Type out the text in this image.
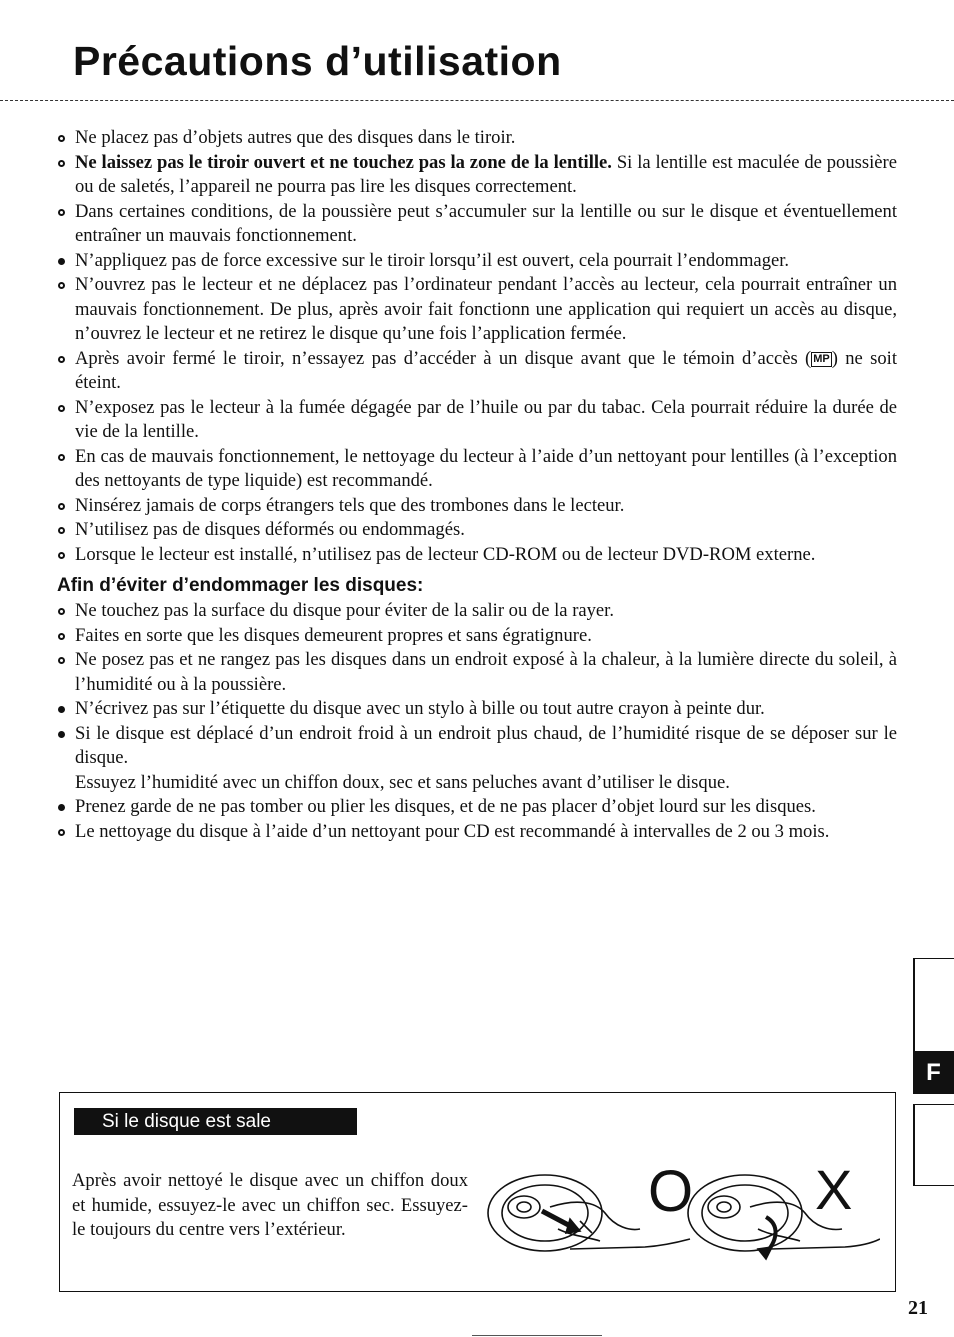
Précautions d’utilisation
Ne placez pas d’objets autres que des disques dans le tiroir.
Ne laissez pas le tiroir ouvert et ne touchez pas la zone de la lentille. Si la lentille est maculée de poussière ou de saletés, l’appareil ne pourra pas lire les disques correctement.
Dans certaines conditions, de la poussière peut s’accumuler sur la lentille ou sur le disque et éventuellement entraîner un mauvais fonctionnement.
N’appliquez pas de force excessive sur le tiroir lorsqu’il est ouvert, cela pourrait l’endommager.
N’ouvrez pas le lecteur et ne déplacez pas l’ordinateur pendant l’accès au lecteur, cela pourrait entraîner un mauvais fonctionnement. De plus, après avoir fait fonctionn une application qui requiert un accès au disque, n’ouvrez le lecteur et ne retirez le disque qu’une fois l’application fermée.
Après avoir fermé le tiroir, n’essayez pas d’accéder à un disque avant que le témoin d’accès ( MP ) ne soit éteint.
N’exposez pas le lecteur à la fumée dégagée par de l’huile ou par du tabac. Cela pourrait réduire la durée de vie de la lentille.
En cas de mauvais fonctionnement, le nettoyage du lecteur à l’aide d’un nettoyant pour lentilles (à l’exception des nettoyants de type liquide) est recommandé.
Ninsérez jamais de corps étrangers tels que des trombones dans le lecteur.
N’utilisez pas de disques déformés ou endommagés.
Lorsque le lecteur est installé, n’utilisez pas de lecteur CD-ROM ou de lecteur DVD-ROM externe.
Afin d’éviter d’endommager les disques:
Ne touchez pas la surface du disque pour éviter de la salir ou de la rayer.
Faites en sorte que les disques demeurent propres et sans égratignure.
Ne posez pas et ne rangez pas les disques dans un endroit exposé à la chaleur, à la lumière directe du soleil, à l’humidité ou à la poussière.
N’écrivez pas sur l’étiquette du disque avec un stylo à bille ou tout autre crayon à peinte dur.
Si le disque est déplacé d’un endroit froid à un endroit plus chaud, de l’humidité risque de se déposer sur le disque.
Essuyez l’humidité avec un chiffon doux, sec et sans peluches avant d’utiliser le disque.
Prenez garde de ne pas tomber ou plier les disques, et de ne pas placer d’objet lourd sur les disques.
Le nettoyage du disque à l’aide d’un nettoyant pour CD est recommandé à intervalles de 2 ou 3 mois.
F
Si le disque est sale
Après avoir nettoyé le disque avec un chiffon doux et humide, essuyez-le avec un chiffon sec. Essuyez-le toujours du centre vers l’extérieur.
O X
21
